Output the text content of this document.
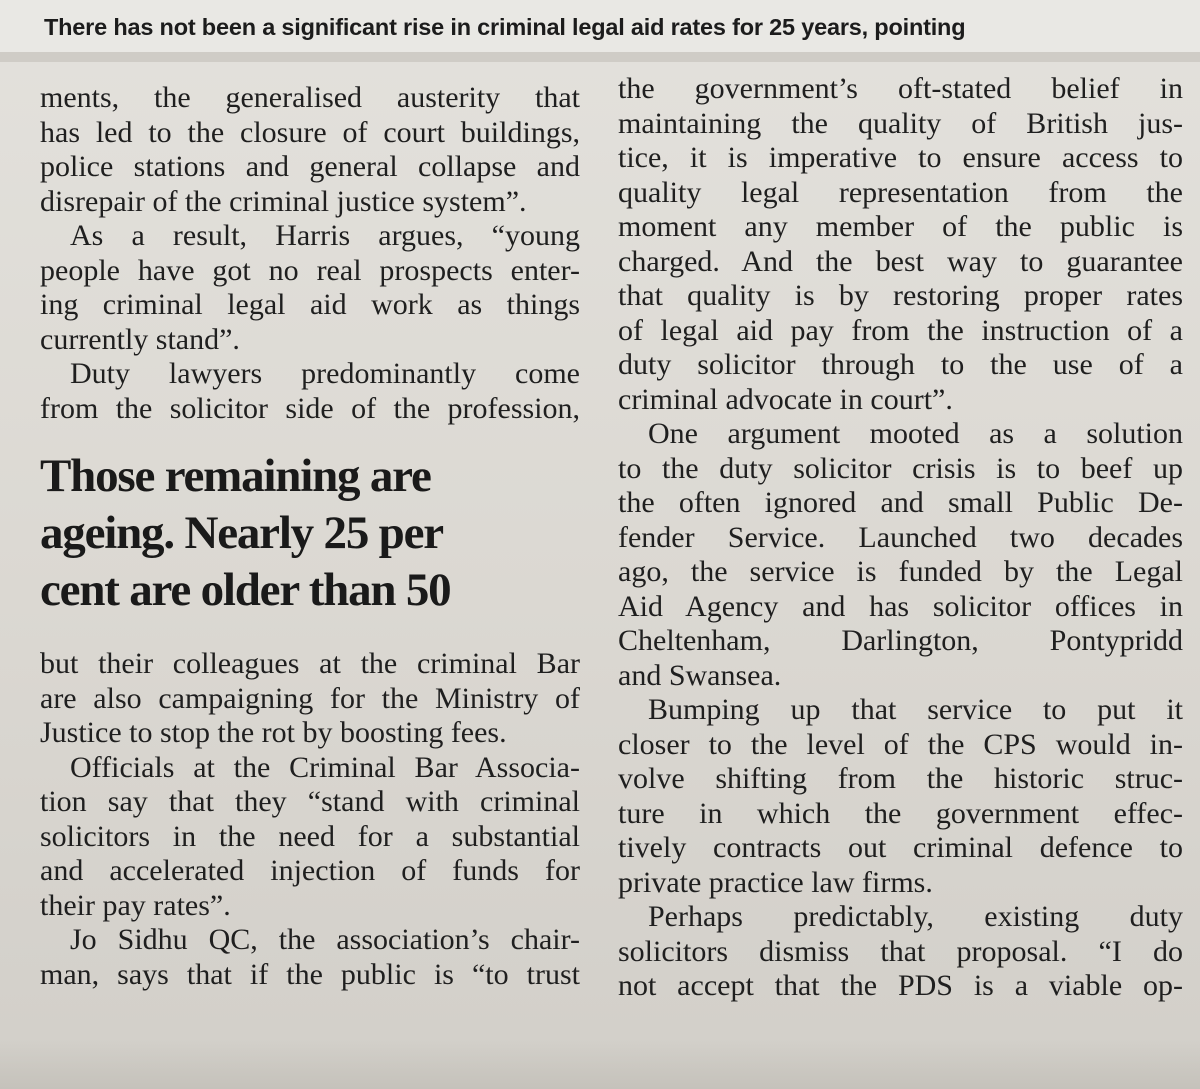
There has not been a significant rise in criminal legal aid rates for 25 years, pointing
ments, the generalised austerity that
has led to the closure of court buildings,
police stations and general collapse and
disrepair of the criminal justice system”.
As a result, Harris argues, “young
people have got no real prospects enter-
ing criminal legal aid work as things
currently stand”.
Duty lawyers predominantly come
from the solicitor side of the profession,
Those remaining are
ageing. Nearly 25 per
cent are older than 50
but their colleagues at the criminal Bar
are also campaigning for the Ministry of
Justice to stop the rot by boosting fees.
Officials at the Criminal Bar Associa-
tion say that they “stand with criminal
solicitors in the need for a substantial
and accelerated injection of funds for
their pay rates”.
Jo Sidhu QC, the association’s chair-
man, says that if the public is “to trust
the government’s oft-stated belief in
maintaining the quality of British jus-
tice, it is imperative to ensure access to
quality legal representation from the
moment any member of the public is
charged. And the best way to guarantee
that quality is by restoring proper rates
of legal aid pay from the instruction of a
duty solicitor through to the use of a
criminal advocate in court”.
One argument mooted as a solution
to the duty solicitor crisis is to beef up
the often ignored and small Public De-
fender Service. Launched two decades
ago, the service is funded by the Legal
Aid Agency and has solicitor offices in
Cheltenham, Darlington, Pontypridd
and Swansea.
Bumping up that service to put it
closer to the level of the CPS would in-
volve shifting from the historic struc-
ture in which the government effec-
tively contracts out criminal defence to
private practice law firms.
Perhaps predictably, existing duty
solicitors dismiss that proposal. “I do
not accept that the PDS is a viable op-
